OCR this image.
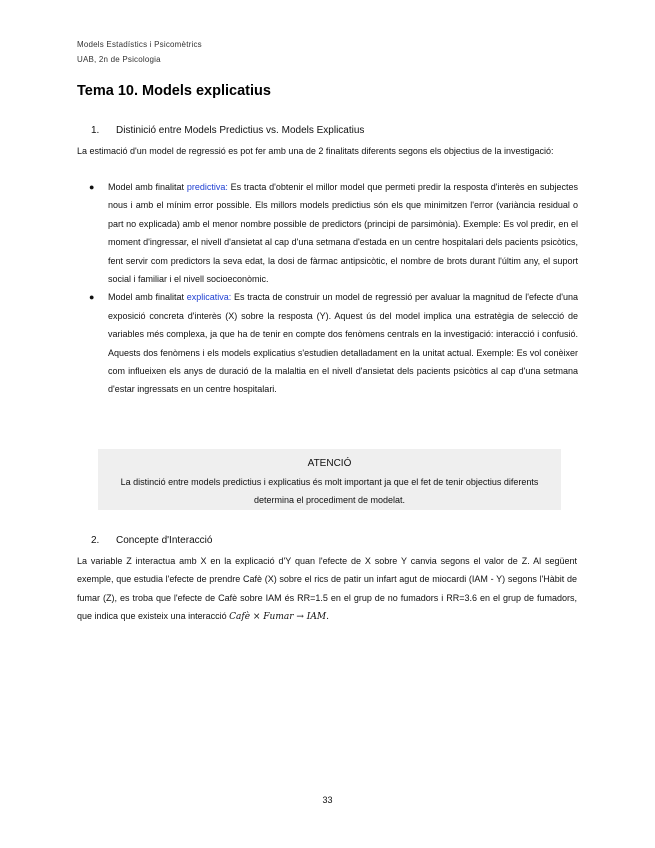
Models Estadístics i Psicomètrics
UAB, 2n de Psicologia
Tema 10. Models explicatius
1. Distinició entre Models Predictius vs. Models Explicatius
La estimació d'un model de regressió es pot fer amb una de 2 finalitats diferents segons els objectius de la investigació:
● Model amb finalitat predictiva: Es tracta d'obtenir el millor model que permeti predir la resposta d'interès en subjectes nous i amb el mínim error possible. Els millors models predictius són els que minimitzen l'error (variància residual o part no explicada) amb el menor nombre possible de predictors (principi de parsimònia). Exemple: Es vol predir, en el moment d'ingressar, el nivell d'ansietat al cap d'una setmana d'estada en un centre hospitalari dels pacients psicòtics, fent servir com predictors la seva edat, la dosi de fàrmac antipsicòtic, el nombre de brots durant l'últim any, el suport social i familiar i el nivell socioeconòmic.
● Model amb finalitat explicativa: Es tracta de construir un model de regressió per avaluar la magnitud de l'efecte d'una exposició concreta d'interès (X) sobre la resposta (Y). Aquest ús del model implica una estratègia de selecció de variables més complexa, ja que ha de tenir en compte dos fenòmens centrals en la investigació: interacció i confusió. Aquests dos fenòmens i els models explicatius s'estudien detalladament en la unitat actual. Exemple: Es vol conèixer com influeixen els anys de duració de la malaltia en el nivell d'ansietat dels pacients psicòtics al cap d'una setmana d'estar ingressats en un centre hospitalari.
ATENCIÓ
La distinció entre models predictius i explicatius és molt important ja que el fet de tenir objectius diferents determina el procediment de modelat.
2. Concepte d'Interacció
La variable Z interactua amb X en la explicació d'Y quan l'efecte de X sobre Y canvia segons el valor de Z. Al següent exemple, que estudia l'efecte de prendre Cafè (X) sobre el rics de patir un infart agut de miocardi (IAM - Y) segons l'Hàbit de fumar (Z), es troba que l'efecte de Cafè sobre IAM és RR=1.5 en el grup de no fumadors i RR=3.6 en el grup de fumadors, que indica que existeix una interacció Cafè × Fumar → IAM.
33
